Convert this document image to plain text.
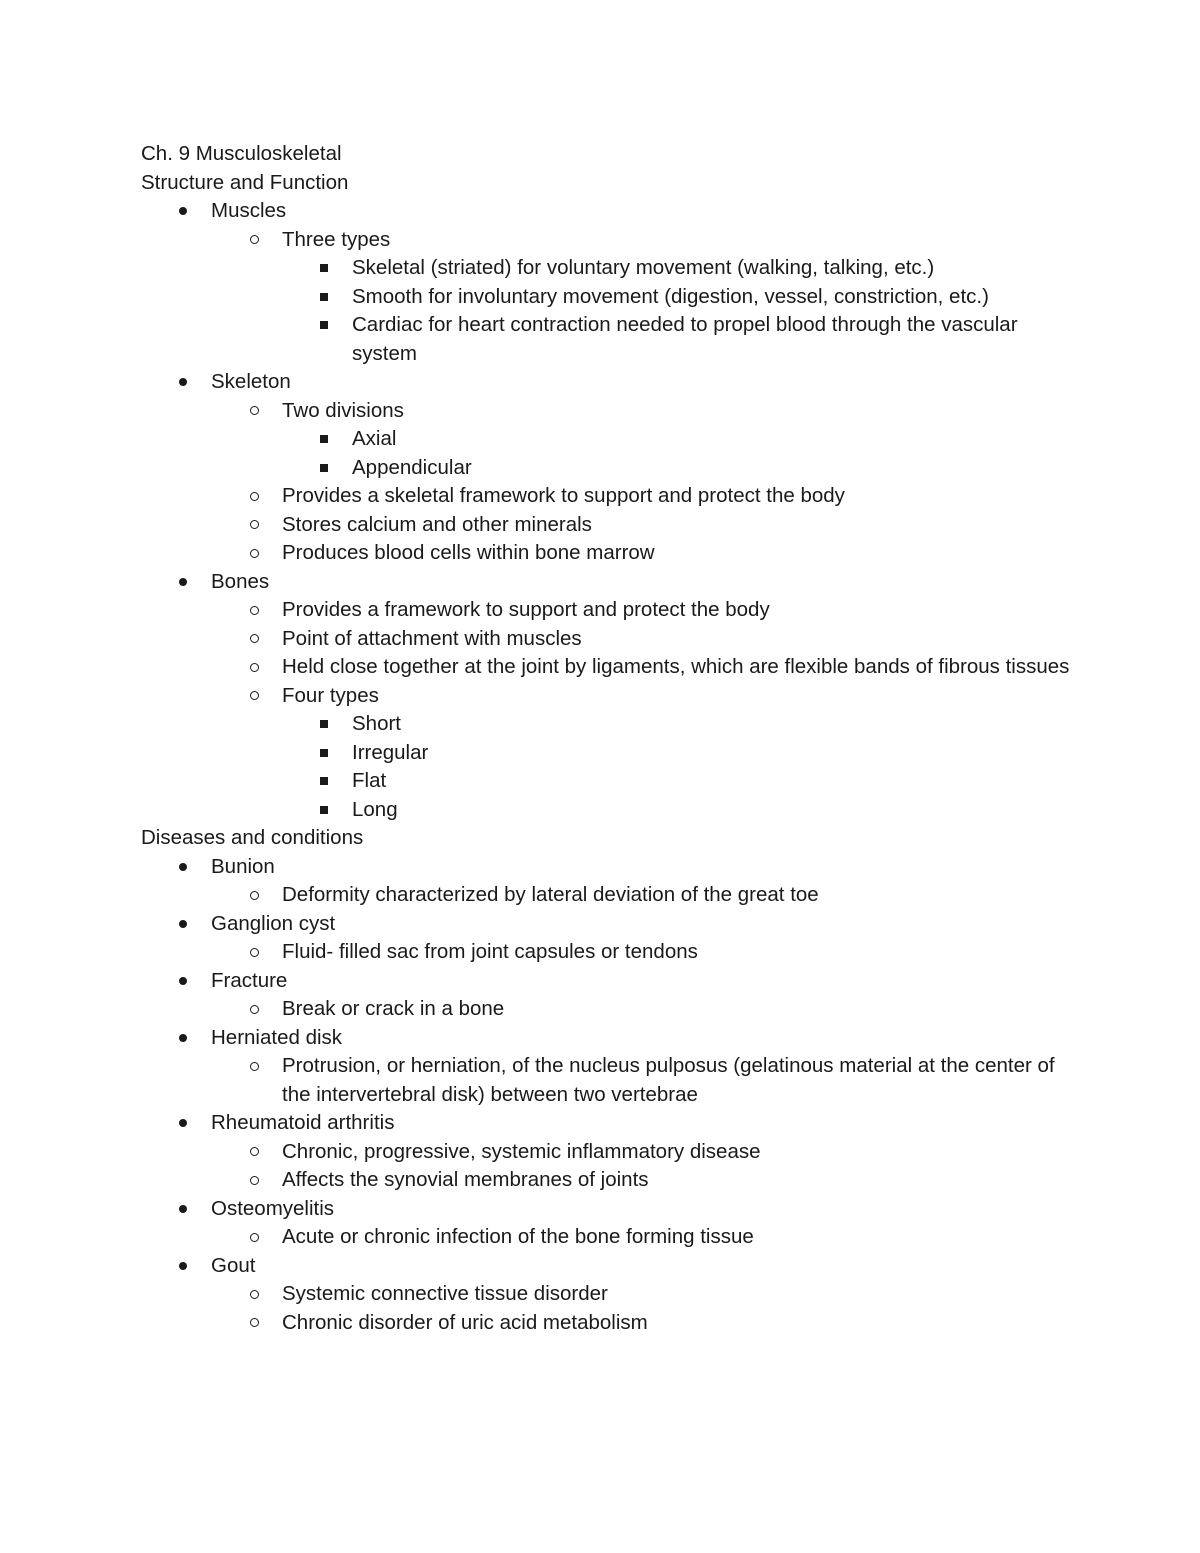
Ch. 9 Musculoskeletal
Structure and Function
Muscles
Three types
Skeletal (striated) for voluntary movement (walking, talking, etc.)
Smooth for involuntary movement (digestion, vessel, constriction, etc.)
Cardiac for heart contraction needed to propel blood through the vascular system
Skeleton
Two divisions
Axial
Appendicular
Provides a skeletal framework to support and protect the body
Stores calcium and other minerals
Produces blood cells within bone marrow
Bones
Provides a framework to support and protect the body
Point of attachment with muscles
Held close together at the joint by ligaments, which are flexible bands of fibrous tissues
Four types
Short
Irregular
Flat
Long
Diseases and conditions
Bunion
Deformity characterized by lateral deviation of the great toe
Ganglion cyst
Fluid- filled sac from joint capsules or tendons
Fracture
Break or crack in a bone
Herniated disk
Protrusion, or herniation, of the nucleus pulposus (gelatinous material at the center of the intervertebral disk) between two vertebrae
Rheumatoid arthritis
Chronic, progressive, systemic inflammatory disease
Affects the synovial membranes of joints
Osteomyelitis
Acute or chronic infection of the bone forming tissue
Gout
Systemic connective tissue disorder
Chronic disorder of uric acid metabolism
